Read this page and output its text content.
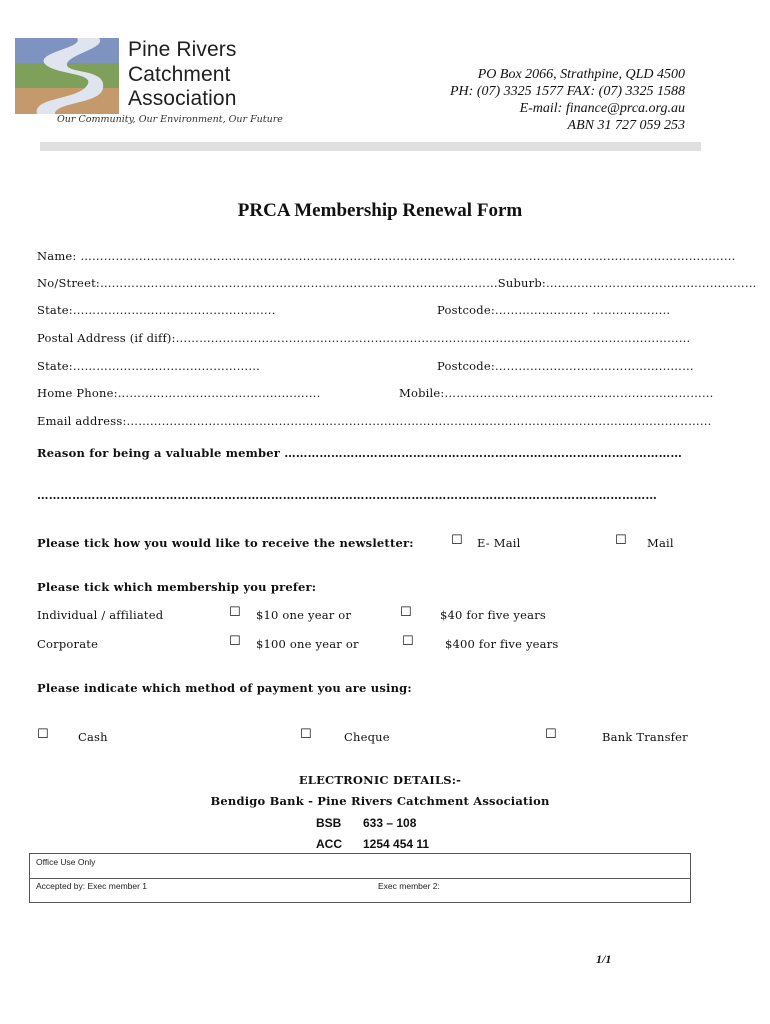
Pine Rivers
Catchment
Association
Our Community, Our Environment, Our Future
PO Box 2066, Strathpine, QLD 4500
PH: (07) 3325 1577 FAX: (07) 3325 1588
E-mail: finance@prca.org.au
ABN 31 727 059 253
PRCA Membership Renewal Form
Name: ……………………………………………………………………………………………………………………………………………………
No/Street:…………………………………………………………………………………………Suburb:………………………………………………
State:…………………………………………….	Postcode:…………………… ………………..
Postal Address (if diff):……………………………………………………………………………………………………………………
State:…………………………………………	Postcode:……………………………………………
Home Phone:…………………………………………….	Mobile:……………………………………………………………
Email address:……………………………………………………………………………………………………………………………………
Reason for being a valuable member …………………………………………………………………………………………
……………………………………………………………………………………………………………………………………………
Please tick how you would like to receive the newsletter:	☐ E- Mail	☐ Mail
Please tick which membership you prefer:
Individual / affiliated	☐ $10 one year or	☐ $40 for five years
Corporate	☐ $100 one year or	☐	$400 for five years
Please indicate which method of payment you are using:
☐	Cash	☐	Cheque	☐	Bank Transfer
ELECTRONIC DETAILS:-
Bendigo Bank - Pine Rivers Catchment Association
BSB 633 – 108
ACC 1254 454 11
Office Use Only
Accepted by: Exec member 1	Exec member 2:
1/1
